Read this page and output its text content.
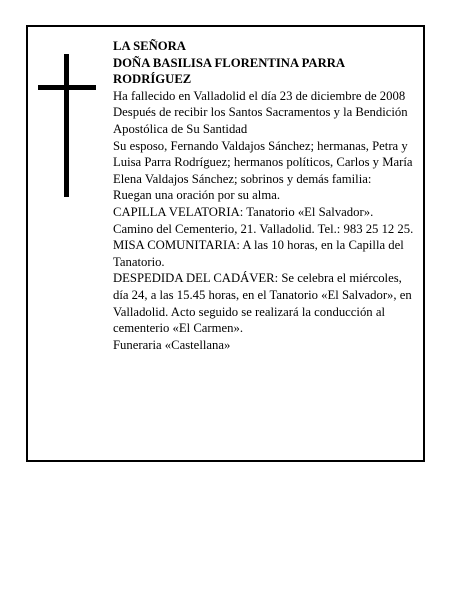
LA SEÑORA

DOÑA BASILISA FLORENTINA PARRA RODRÍGUEZ

Ha fallecido en Valladolid el día 23 de diciembre de 2008

Después de recibir los Santos Sacramentos y la Bendición Apostólica de Su Santidad

Su esposo, Fernando Valdajos Sánchez; hermanas, Petra y Luisa Parra Rodríguez; hermanos políticos, Carlos y María Elena Valdajos Sánchez; sobrinos y demás familia:

Ruegan una oración por su alma.

CAPILLA VELATORIA: Tanatorio «El Salvador». Camino del Cementerio, 21. Valladolid. Tel.: 983 25 12 25.

MISA COMUNITARIA: A las 10 horas, en la Capilla del Tanatorio.

DESPEDIDA DEL CADÁVER: Se celebra el miércoles, día 24, a las 15.45 horas, en el Tanatorio «El Salvador», en Valladolid. Acto seguido se realizará la conducción al cementerio «El Carmen».

Funeraria «Castellana»
